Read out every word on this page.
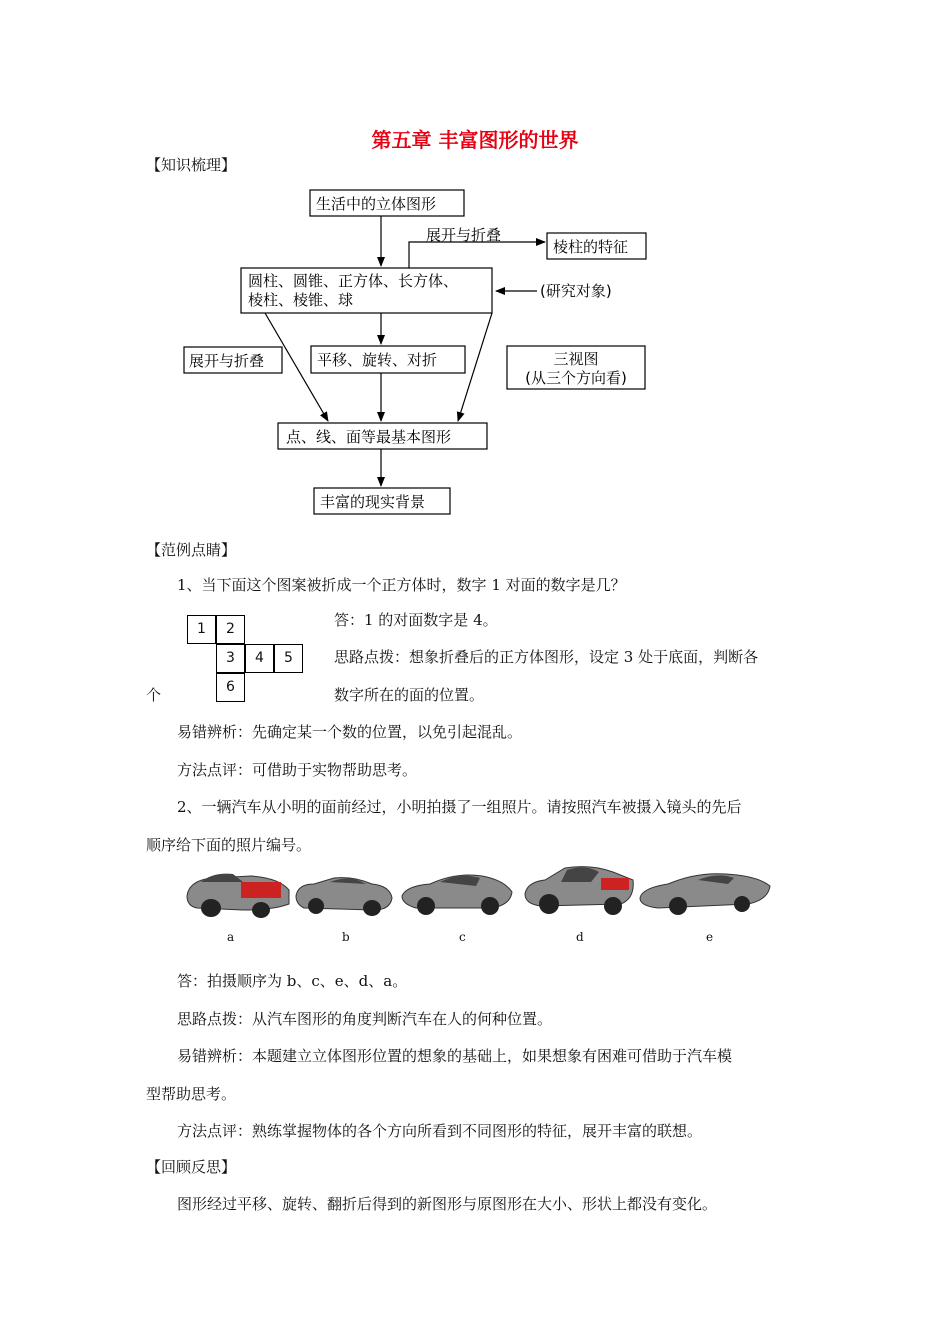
第五章 丰富图形的世界
【知识梳理】
生活中的立体图形
展开与折叠
棱柱的特征
圆柱、圆锥、正方体、长方体、
棱柱、棱锥、球	(研究对象)
展开与折叠	平移、旋转、对折	三视图
(从三个方向看)
点、线、面等最基本图形
丰富的现实背景
【范例点睛】
1、当下面这个图案被折成一个正方体时，数字 1 对面的数字是几？
1	2
3	4	5
6
答：1 的对面数字是 4。
思路点拨：想象折叠后的正方体图形，设定 3 处于底面，判断各
个	数字所在的面的位置。
易错辨析：先确定某一个数的位置，以免引起混乱。
方法点评：可借助于实物帮助思考。
2、一辆汽车从小明的面前经过，小明拍摄了一组照片。请按照汽车被摄入镜头的先后
顺序给下面的照片编号。
a	b	c	d	e
答：拍摄顺序为 b、c、e、d、a。
思路点拨：从汽车图形的角度判断汽车在人的何种位置。
易错辨析：本题建立立体图形位置的想象的基础上，如果想象有困难可借助于汽车模
型帮助思考。
方法点评：熟练掌握物体的各个方向所看到不同图形的特征，展开丰富的联想。
【回顾反思】
图形经过平移、旋转、翻折后得到的新图形与原图形在大小、形状上都没有变化。
